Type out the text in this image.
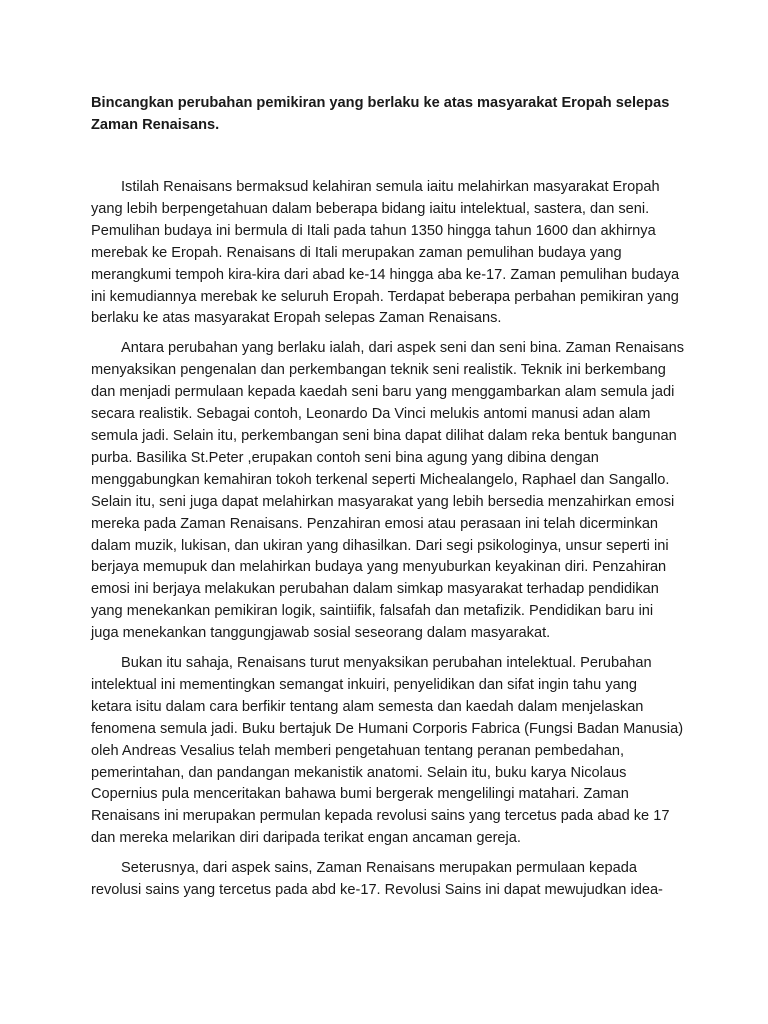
Bincangkan perubahan pemikiran yang berlaku ke atas masyarakat Eropah selepas
Zaman Renaisans.

Istilah Renaisans bermaksud kelahiran semula iaitu melahirkan masyarakat Eropah
yang lebih berpengetahuan dalam beberapa bidang iaitu intelektual, sastera, dan seni.
Pemulihan budaya ini bermula di Itali pada tahun 1350 hingga tahun 1600 dan akhirnya
merebak ke Eropah. Renaisans di Itali merupakan zaman pemulihan budaya yang
merangkumi tempoh kira-kira dari abad ke-14 hingga aba ke-17. Zaman pemulihan budaya
ini kemudiannya merebak ke seluruh Eropah. Terdapat beberapa perbahan pemikiran yang
berlaku ke atas masyarakat Eropah selepas Zaman Renaisans.

Antara perubahan yang berlaku ialah, dari aspek seni dan seni bina. Zaman Renaisans
menyaksikan pengenalan dan perkembangan teknik seni realistik. Teknik ini berkembang
dan menjadi permulaan kepada kaedah seni baru yang menggambarkan alam semula jadi
secara realistik. Sebagai contoh, Leonardo Da Vinci melukis antomi manusi adan alam
semula jadi. Selain itu, perkembangan seni bina dapat dilihat dalam reka bentuk bangunan
purba. Basilika St.Peter ,erupakan contoh seni bina agung yang dibina dengan
menggabungkan kemahiran tokoh terkenal seperti Michealangelo, Raphael dan Sangallo.
Selain itu, seni juga dapat melahirkan masyarakat yang lebih bersedia menzahirkan emosi
mereka pada Zaman Renaisans. Penzahiran emosi atau perasaan ini telah dicerminkan
dalam muzik, lukisan, dan ukiran yang dihasilkan. Dari segi psikologinya, unsur seperti ini
berjaya memupuk dan melahirkan budaya yang menyuburkan keyakinan diri. Penzahiran
emosi ini berjaya melakukan perubahan dalam simkap masyarakat terhadap pendidikan
yang menekankan pemikiran logik, saintiifik, falsafah dan metafizik. Pendidikan baru ini
juga menekankan tanggungjawab sosial seseorang dalam masyarakat.

Bukan itu sahaja, Renaisans turut menyaksikan perubahan intelektual. Perubahan
intelektual ini mementingkan semangat inkuiri, penyelidikan dan sifat ingin tahu yang
ketara isitu dalam cara berfikir tentang alam semesta dan kaedah dalam menjelaskan
fenomena semula jadi. Buku bertajuk De Humani Corporis Fabrica (Fungsi Badan Manusia)
oleh Andreas Vesalius telah memberi pengetahuan tentang peranan pembedahan,
pemerintahan, dan pandangan mekanistik anatomi. Selain itu, buku karya Nicolaus
Copernius pula menceritakan bahawa bumi bergerak mengelilingi matahari. Zaman
Renaisans ini merupakan permulan kepada revolusi sains yang tercetus pada abad ke 17
dan mereka melarikan diri daripada terikat engan ancaman gereja.

Seterusnya, dari aspek sains, Zaman Renaisans merupakan permulaan kepada
revolusi sains yang tercetus pada abd ke-17. Revolusi Sains ini dapat mewujudkan idea-
